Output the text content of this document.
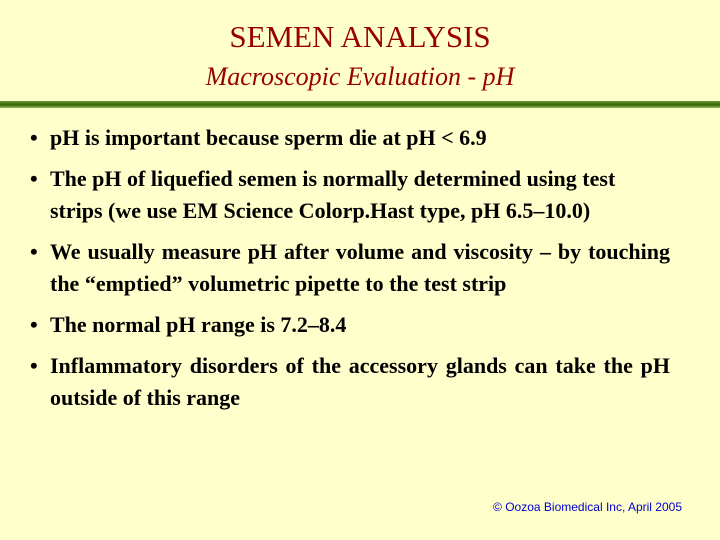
SEMEN ANALYSIS
Macroscopic Evaluation - pH
• pH is important because sperm die at pH < 6.9
• The pH of liquefied semen is normally determined using test strips (we use EM Science Colorp.Hast type, pH 6.5–10.0)
• We usually measure pH after volume and viscosity – by touching the “emptied” volumetric pipette to the test strip
• The normal pH range is 7.2–8.4
• Inflammatory disorders of the accessory glands can take the pH outside of this range
© Oozoa Biomedical Inc, April 2005
